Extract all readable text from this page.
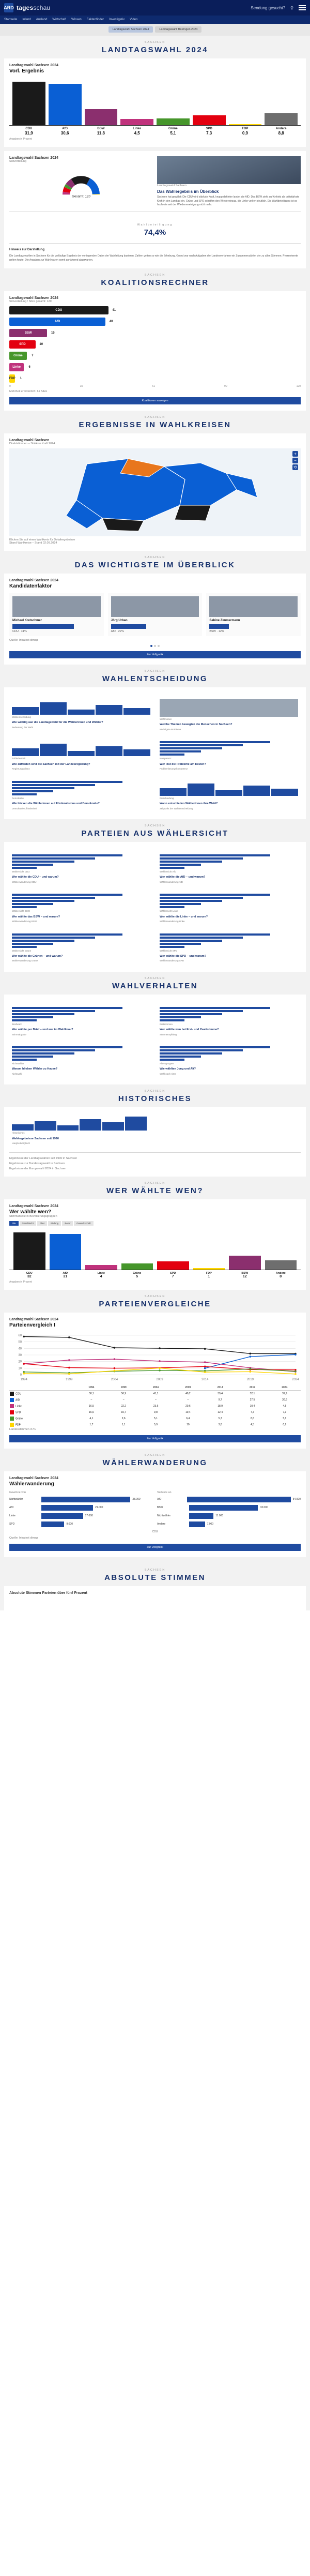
ARD tagesschau	Sendung gesucht? ⚲
Startseite Inland Ausland Wirtschaft Wissen Faktenfinder Investigativ Video
Landtagswahl Sachsen 2024	Landtagswahl Thüringen 2024
SACHSEN
LANDTAGSWAHL 2024
Landtagswahl Sachsen 2024
Vorl. Ergebnis
CDU
31,9
AfD
30,6
BSW
11,8
Linke
4,5
Grüne
5,1
SPD
7,3
FDP
0,9
Andere
8,8
Angaben in Prozent
Landtagswahl Sachsen 2024
Sitzverteilung
Gesamt: 120
Landtagswahl Sachsen
Das Wahlergebnis im Überblick
Sachsen hat gewählt: Die CDU wird stärkste Kraft, knapp dahinter landet die AfD. Das BSW zieht auf Anhieb als drittstärkste Kraft in den Landtag ein. Grüne und SPD schaffen den Wiedereinzug, die Linke verliert deutlich. Die Wahlbeteiligung ist so hoch wie seit der Wiedervereinigung nicht mehr.
Wahlbeteiligung
74,4%
Hinweis zur Darstellung
Die Landtagswahlen in Sachsen für die vorläufige Ergebnis der vorliegenden Daten der Wahlleitung basieren. Zahlen gelten so wie die Erhebung. Grund war nach Aufgaben der Landesverfahren ein Zusammenzählen der zu allen Stimmen. Prozentwerte gelten heute. Die Angaben zur Wahl waren somit annähernd abzuwarten.
SACHSEN
KOALITIONSRECHNER
Landtagswahl Sachsen 2024
Sitzverteilung / Sitze gesamt: 120
CDU	41
AfD	40
BSW	15
SPD	10
Grüne	7
Linke	6
FDP	1
0	30	61	90	120
Mehrheit erforderlich: 61 Sitze
Koalitionen anzeigen
SACHSEN
ERGEBNISSE IN WAHLKREISEN
Landtagswahl Sachsen
Direktstimmen – Stärkste Kraft 2024
+
−
⟲
Klicken Sie auf einen Wahlkreis für Detailergebnisse
Stand Wahlkreise – Stand 02.09.2024
SACHSEN
DAS WICHTIGSTE IM ÜBERBLICK
Landtagswahl Sachsen 2024
Kandidatenfaktor
Michael Kretschmer
CDU · 41%
Jörg Urban
AfD · 22%
Sabine Zimmermann
BSW · 12%
Quelle: Infratest dimap
Zur Vollgrafik
SACHSEN
WAHLENTSCHEIDUNG
Wahlentscheidung
Wie wichtig war die Landtagswahl für die Wählerinnen und Wähler?
Bedeutung der Wahl
Wahlmotive
Welche Themen bewegten die Menschen in Sachsen?
Wichtigste Probleme
Zufriedenheit
Wie zufrieden sind die Sachsen mit der Landesregierung?
Regierungsbilanz
Kompetenz
Wer löst die Probleme am besten?
Problemlösungskompetenz
Demokratie
Wie blicken die Wählerinnen auf Förderalismus und Demokratie?
Demokratiezufriedenheit
Entscheidung
Wann entschieden Wählerinnen ihre Wahl?
Zeitpunkt der Wahlentscheidung
SACHSEN
PARTEIEN AUS WÄHLERSICHT
Wählersicht CDU
Wer wählte die CDU – und warum?
Wählerwanderung CDU
Wählersicht AfD
Wer wählte die AfD – und warum?
Wählerwanderung AfD
Wählersicht BSW
Wer wählte das BSW – und warum?
Wählerwanderung BSW
Wählersicht Linke
Wer wählte die Linke – und warum?
Wählerwanderung Linke
Wählersicht Grüne
Wer wählte die Grünen – und warum?
Wählerwanderung Grüne
Wählersicht SPD
Wer wählte die SPD – und warum?
Wählerwanderung SPD
SACHSEN
WAHLVERHALTEN
Briefwahl
Wer wählte per Brief – und wer im Wahllokal?
Stimmabgabe
Erststimmen
Wer wählte wen bei Erst- und Zweitstimme?
Stimmensplitting
Nichtwähler
Warum blieben Wähler zu Hause?
Nichtwahl
Altersgruppen
Wie wählten Jung und Alt?
Wahl nach Alter
SACHSEN
HISTORISCHES
Historisches
Wahlergebnisse Sachsen seit 1990
Langzeitvergleich
Ergebnisse der Landtagswahlen seit 1990 in Sachsen
Ergebnisse zur Bundestagswahl in Sachsen
Ergebnisse der Europawahl 2024 in Sachsen
SACHSEN
WER WÄHLTE WEN?
Landtagswahl Sachsen 2024
Wer wählte wen?
Stimmanteile in Bevölkerungsgruppen
Alle	Geschlecht	Alter	Bildung	Beruf	Gewerkschaft
CDU
32
AfD
31
Linke
4
Grüne
5
SPD
7
FDP
1
BSW
12
Andere
8
Angaben in Prozent
SACHSEN
PARTEIENVERGLEICHE
Landtagswahl Sachsen 2024
Parteienvergleich I
1994	1999	2004	2009	2014	2019	2024
60
50
40
30
20
10
0
	1994	1999	2004	2009	2014	2019	2024
CDU	58,1	56,9	41,1	40,2	39,4	32,1	31,9
AfD	–	–	–	–	9,7	27,5	30,6
Linke	16,5	22,2	23,6	20,6	18,9	10,4	4,5
SPD	16,6	10,7	9,8	10,4	12,4	7,7	7,3
Grüne	4,1	2,6	5,1	6,4	5,7	8,6	5,1
FDP	1,7	1,1	5,9	10	3,8	4,5	0,9
Landesstimmen in %
Zur Vollgrafik
SACHSEN
WÄHLERWANDERUNG
Landtagswahl Sachsen 2024
Wählerwanderung
Gewinne von
Nichtwähler	38.000
AfD	21.000
Linke	17.000
SPD	9.000
Verluste an
AfD	54.000
BSW	33.000
Nichtwähler	11.000
Andere	7.000
CDU
Quelle: Infratest dimap
Zur Vollgrafik
SACHSEN
ABSOLUTE STIMMEN
Absolute Stimmen Parteien über fünf Prozent
